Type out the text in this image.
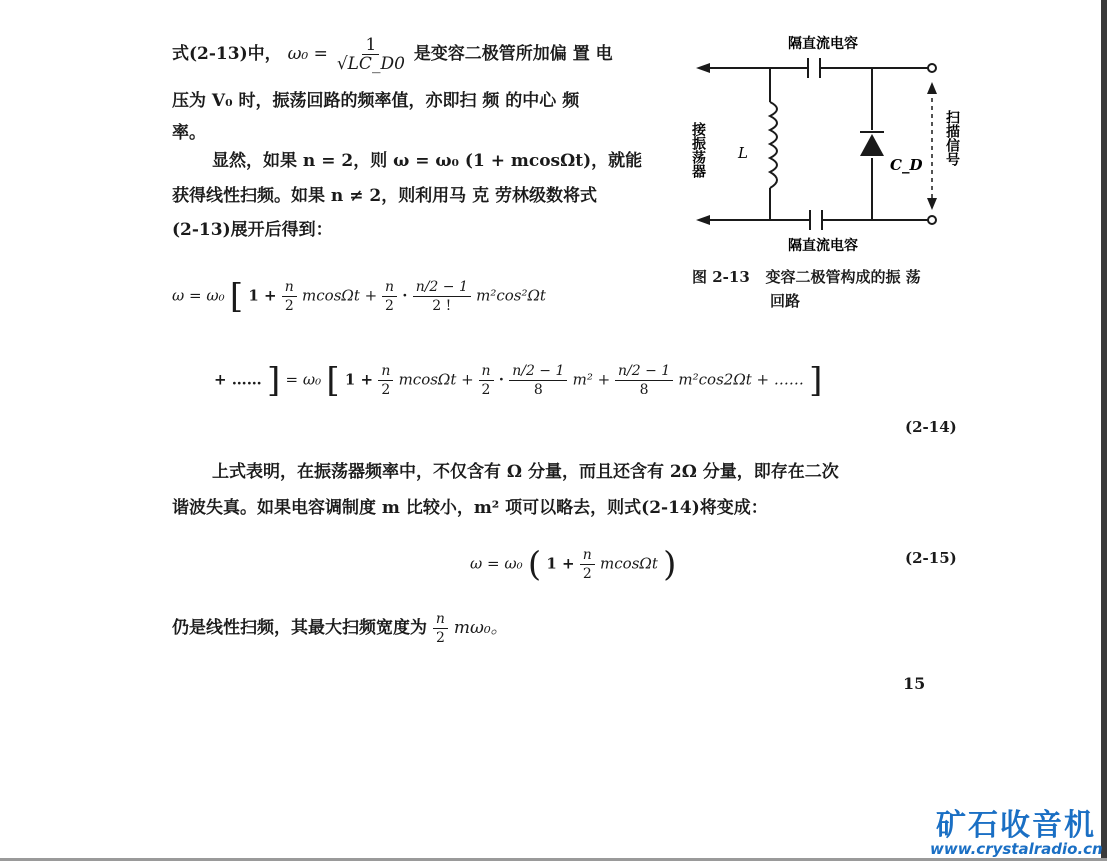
式(2-13)中， $\omega_0 = \frac{1}{√LC\_D0}$ 是变容二极管所加偏 置 电
压为 V₀ 时，振荡回路的频率值，亦即扫 频 的中心 频
率。
显然，如果 n = 2，则 ω = ω₀ (1 + mcosΩt)，就能
获得线性扫频。如果 n ≠ 2，则利用马 克 劳林级数将式
(2-13)展开后得到：
ω = ω₀ [ $1 + \frac{n}{2}$ $mcos\Omega t + \frac{n}{2} \cdot \frac{n/2 - 1}{2 !} m^2\cos^2\Omega t$
+ …… ] = ω₀ [ $1 + \frac{n}{2}$ $mcos\Omega t + \frac{n}{2} \cdot \frac{n/2 - 1}{8} m^2 + \frac{n/2 - 1}{8} m^2\cos 2\Omega t$ + …… ]
(2-14)
上式表明，在振荡器频率中，不仅含有 Ω 分量，而且还含有 2Ω 分量，即存在二次
谐波失真。如果电容调制度 m 比较小，m² 项可以略去，则式(2-14)将变成：
ω = ω₀ ( $1 + \frac{n}{2}$ mcosΩt )	(2-15)
仍是线性扫频，其最大扫频宽度为 $\frac{n}{2} m\omega_0$。
15
隔直流电容
隔直流电容
L
C_D
接振荡器	扫描信号
图 2-13 变容二极管构成的振 荡
回路
矿石收音机
www.crystalradio.cn
